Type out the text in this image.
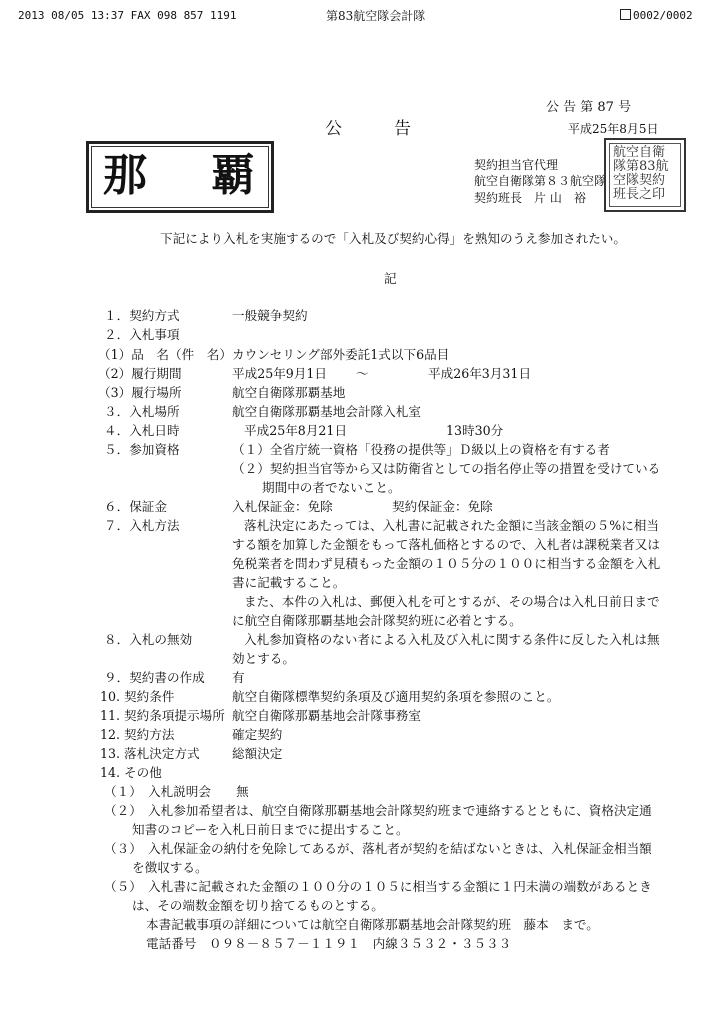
2013 08/05 13:37 FAX 098 857 1191	第83航空隊会計隊	0002/0002
公 告 第 87 号
公　　告	平成25年8月5日
那　覇	契約担当官代理
航空自衛隊第８３航空隊
契約班長　片 山　裕
航空自衛隊第83航空隊契約班長之印
下記により入札を実施するので「入札及び契約心得」を熟知のうえ参加されたい。
記
１．契約方式	一般競争契約
２．入札事項
（1）品　名（件　名） カウンセリング部外委託1式以下6品目
（2）履行期間	平成25年9月1日 ～	平成26年3月31日
（3）履行場所	航空自衛隊那覇基地
３．入札場所	航空自衛隊那覇基地会計隊入札室
４．入札日時	平成25年8月21日	13時30分
５．参加資格	（１）全省庁統一資格「役務の提供等」Ｄ級以上の資格を有する者
（２）契約担当官等から又は防衛省としての指名停止等の措置を受けている
期間中の者でないこと。
６．保証金	入札保証金：免除	契約保証金：免除
７．入札方法	落札決定にあたっては、入札書に記載された金額に当該金額の５%に相当
する額を加算した金額をもって落札価格とするので、入札者は課税業者又は
免税業者を問わず見積もった金額の１０５分の１００に相当する金額を入札
書に記載すること。
また、本件の入札は、郵便入札を可とするが、その場合は入札日前日まで
に航空自衛隊那覇基地会計隊契約班に必着とする。
８．入札の無効	入札参加資格のない者による入札及び入札に関する条件に反した入札は無
効とする。
９．契約書の作成 有
10. 契約条件	航空自衛隊標準契約条項及び適用契約条項を参照のこと。
11. 契約条項提示場所 航空自衛隊那覇基地会計隊事務室
12. 契約方法	確定契約
13. 落札決定方式	総額決定
14. その他
（１） 入札説明会　　無
（２） 入札参加希望者は、航空自衛隊那覇基地会計隊契約班まで連絡するとともに、資格決定通
知書のコピーを入札日前日までに提出すること。
（３） 入札保証金の納付を免除してあるが、落札者が契約を結ばないときは、入札保証金相当額
を徴収する。
（５） 入札書に記載された金額の１００分の１０５に相当する金額に１円未満の端数があるとき
は、その端数金額を切り捨てるものとする。
本書記載事項の詳細については航空自衛隊那覇基地会計隊契約班　藤本　まで。
電話番号　０９８－８５７－１１９１　内線３５３２・３５３３
